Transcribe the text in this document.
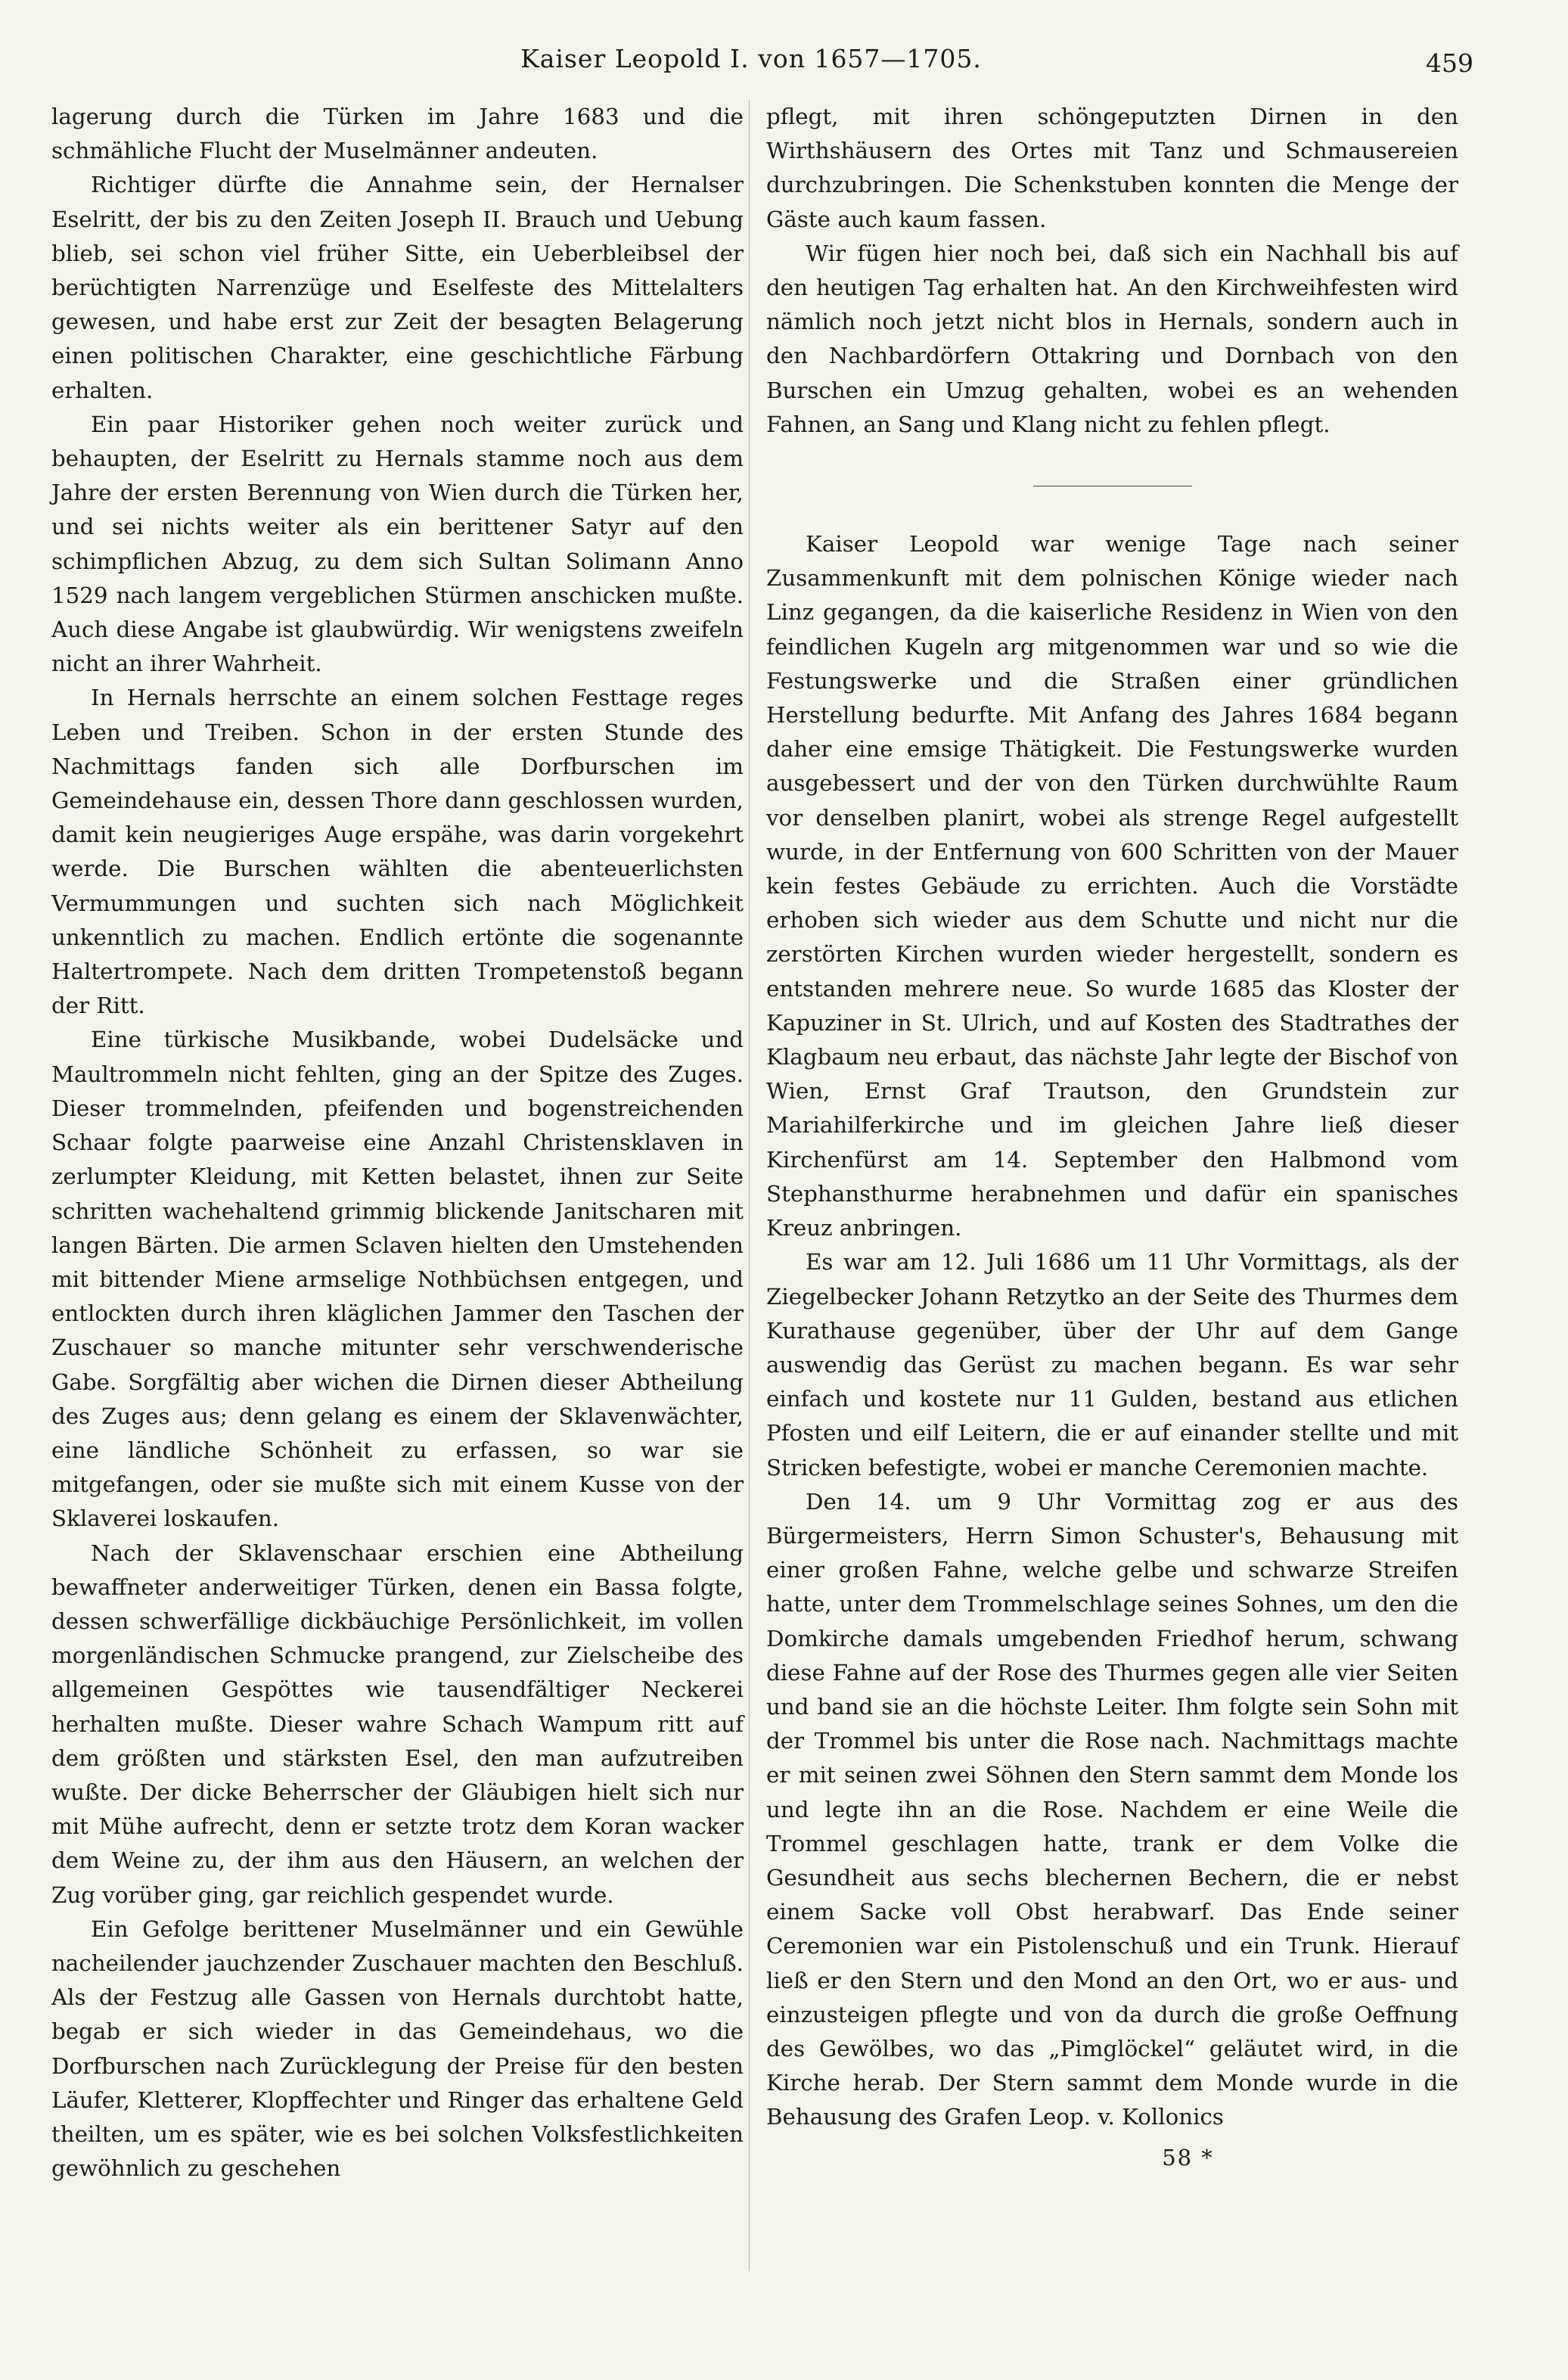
Kaiser Leopold I. von 1657—1705.	459

lagerung durch die Türken im Jahre 1683 und die schmähliche Flucht der Muselmänner andeuten.

Richtiger dürfte die Annahme sein, der Hernalser Eselritt, der bis zu den Zeiten Joseph II. Brauch und Uebung blieb, sei schon viel früher Sitte, ein Ueberbleibsel der berüchtigten Narrenzüge und Eselfeste des Mittelalters gewesen, und habe erst zur Zeit der besagten Belagerung einen politischen Charakter, eine geschichtliche Färbung erhalten.

Ein paar Historiker gehen noch weiter zurück und behaupten, der Eselritt zu Hernals stamme noch aus dem Jahre der ersten Berennung von Wien durch die Türken her, und sei nichts weiter als ein berittener Satyr auf den schimpflichen Abzug, zu dem sich Sultan Solimann Anno 1529 nach langem vergeblichen Stürmen anschicken mußte. Auch diese Angabe ist glaubwürdig. Wir wenigstens zweifeln nicht an ihrer Wahrheit.

In Hernals herrschte an einem solchen Festtage reges Leben und Treiben. Schon in der ersten Stunde des Nachmittags fanden sich alle Dorfburschen im Gemeindehause ein, dessen Thore dann geschlossen wurden, damit kein neugieriges Auge erspähe, was darin vorgekehrt werde. Die Burschen wählten die abenteuerlichsten Vermummungen und suchten sich nach Möglichkeit unkenntlich zu machen. Endlich ertönte die sogenannte Haltertrompete. Nach dem dritten Trompetenstoß begann der Ritt.

Eine türkische Musikbande, wobei Dudelsäcke und Maultrommeln nicht fehlten, ging an der Spitze des Zuges. Dieser trommelnden, pfeifenden und bogenstreichenden Schaar folgte paarweise eine Anzahl Christensklaven in zerlumpter Kleidung, mit Ketten belastet, ihnen zur Seite schritten wachehaltend grimmig blickende Janitscharen mit langen Bärten. Die armen Sclaven hielten den Umstehenden mit bittender Miene armselige Nothbüchsen entgegen, und entlockten durch ihren kläglichen Jammer den Taschen der Zuschauer so manche mitunter sehr verschwenderische Gabe. Sorgfältig aber wichen die Dirnen dieser Abtheilung des Zuges aus; denn gelang es einem der Sklavenwächter, eine ländliche Schönheit zu erfassen, so war sie mitgefangen, oder sie mußte sich mit einem Kusse von der Sklaverei loskaufen.

Nach der Sklavenschaar erschien eine Abtheilung bewaffneter anderweitiger Türken, denen ein Bassa folgte, dessen schwerfällige dickbäuchige Persönlichkeit, im vollen morgenländischen Schmucke prangend, zur Zielscheibe des allgemeinen Gespöttes wie tausendfältiger Neckerei herhalten mußte. Dieser wahre Schach Wampum ritt auf dem größten und stärksten Esel, den man aufzutreiben wußte. Der dicke Beherrscher der Gläubigen hielt sich nur mit Mühe aufrecht, denn er setzte trotz dem Koran wacker dem Weine zu, der ihm aus den Häusern, an welchen der Zug vorüber ging, gar reichlich gespendet wurde.

Ein Gefolge berittener Muselmänner und ein Gewühle nacheilender jauchzender Zuschauer machten den Beschluß. Als der Festzug alle Gassen von Hernals durchtobt hatte, begab er sich wieder in das Gemeindehaus, wo die Dorfburschen nach Zurücklegung der Preise für den besten Läufer, Kletterer, Klopffechter und Ringer das erhaltene Geld theilten, um es später, wie es bei solchen Volksfestlichkeiten gewöhnlich zu geschehen

pflegt, mit ihren schöngeputzten Dirnen in den Wirthshäusern des Ortes mit Tanz und Schmausereien durchzubringen. Die Schenkstuben konnten die Menge der Gäste auch kaum fassen.

Wir fügen hier noch bei, daß sich ein Nachhall bis auf den heutigen Tag erhalten hat. An den Kirchweihfesten wird nämlich noch jetzt nicht blos in Hernals, sondern auch in den Nachbardörfern Ottakring und Dornbach von den Burschen ein Umzug gehalten, wobei es an wehenden Fahnen, an Sang und Klang nicht zu fehlen pflegt.

Kaiser Leopold war wenige Tage nach seiner Zusammenkunft mit dem polnischen Könige wieder nach Linz gegangen, da die kaiserliche Residenz in Wien von den feindlichen Kugeln arg mitgenommen war und so wie die Festungswerke und die Straßen einer gründlichen Herstellung bedurfte. Mit Anfang des Jahres 1684 begann daher eine emsige Thätigkeit. Die Festungswerke wurden ausgebessert und der von den Türken durchwühlte Raum vor denselben planirt, wobei als strenge Regel aufgestellt wurde, in der Entfernung von 600 Schritten von der Mauer kein festes Gebäude zu errichten. Auch die Vorstädte erhoben sich wieder aus dem Schutte und nicht nur die zerstörten Kirchen wurden wieder hergestellt, sondern es entstanden mehrere neue. So wurde 1685 das Kloster der Kapuziner in St. Ulrich, und auf Kosten des Stadtrathes der Klagbaum neu erbaut, das nächste Jahr legte der Bischof von Wien, Ernst Graf Trautson, den Grundstein zur Mariahilferkirche und im gleichen Jahre ließ dieser Kirchenfürst am 14. September den Halbmond vom Stephansthurme herabnehmen und dafür ein spanisches Kreuz anbringen.

Es war am 12. Juli 1686 um 11 Uhr Vormittags, als der Ziegelbecker Johann Retzytko an der Seite des Thurmes dem Kurathause gegenüber, über der Uhr auf dem Gange auswendig das Gerüst zu machen begann. Es war sehr einfach und kostete nur 11 Gulden, bestand aus etlichen Pfosten und eilf Leitern, die er auf einander stellte und mit Stricken befestigte, wobei er manche Ceremonien machte.

Den 14. um 9 Uhr Vormittag zog er aus des Bürgermeisters, Herrn Simon Schuster's, Behausung mit einer großen Fahne, welche gelbe und schwarze Streifen hatte, unter dem Trommelschlage seines Sohnes, um den die Domkirche damals umgebenden Friedhof herum, schwang diese Fahne auf der Rose des Thurmes gegen alle vier Seiten und band sie an die höchste Leiter. Ihm folgte sein Sohn mit der Trommel bis unter die Rose nach. Nachmittags machte er mit seinen zwei Söhnen den Stern sammt dem Monde los und legte ihn an die Rose. Nachdem er eine Weile die Trommel geschlagen hatte, trank er dem Volke die Gesundheit aus sechs blechernen Bechern, die er nebst einem Sacke voll Obst herabwarf. Das Ende seiner Ceremonien war ein Pistolenschuß und ein Trunk. Hierauf ließ er den Stern und den Mond an den Ort, wo er aus- und einzusteigen pflegte und von da durch die große Oeffnung des Gewölbes, wo das „Pimglöckel“ geläutet wird, in die Kirche herab. Der Stern sammt dem Monde wurde in die Behausung des Grafen Leop. v. Kollonics

58 *
